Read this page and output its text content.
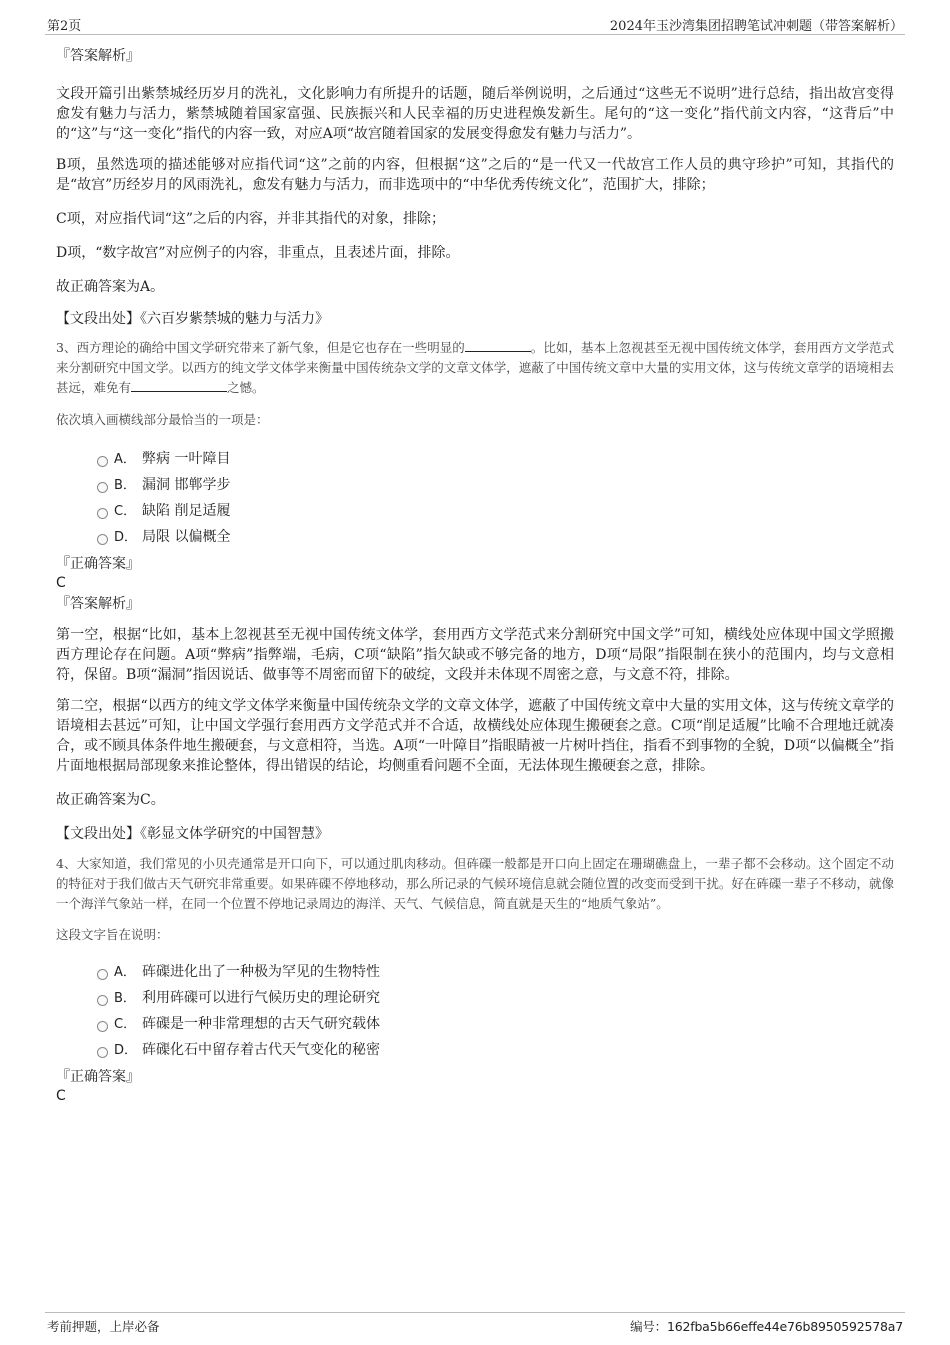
第2页	2024年玉沙湾集团招聘笔试冲刺题（带答案解析）

『答案解析』

文段开篇引出紫禁城经历岁月的洗礼，文化影响力有所提升的话题，随后举例说明，之后通过“这些无不说明”进行总结，指出故宫变得愈发有魅力与活力，紫禁城随着国家富强、民族振兴和人民幸福的历史进程焕发新生。尾句的“这一变化”指代前文内容，“这背后”中的“这”与“这一变化”指代的内容一致，对应A项“故宫随着国家的发展变得愈发有魅力与活力”。

B项，虽然选项的描述能够对应指代词“这”之前的内容，但根据“这”之后的“是一代又一代故宫工作人员的典守珍护”可知，其指代的是“故宫”历经岁月的风雨洗礼，愈发有魅力与活力，而非选项中的“中华优秀传统文化”，范围扩大，排除；

C项，对应指代词“这”之后的内容，并非其指代的对象，排除；

D项，“数字故宫”对应例子的内容，非重点，且表述片面，排除。

故正确答案为A。

【文段出处】《六百岁紫禁城的魅力与活力》

3、西方理论的确给中国文学研究带来了新气象，但是它也存在一些明显的	。比如，基本上忽视甚至无视中国传统文体学，套用西方文学范式来分割研究中国文学。以西方的纯文学文体学来衡量中国传统杂文学的文章文体学，遮蔽了中国传统文章中大量的实用文体，这与传统文章学的语境相去甚远，难免有	之憾。

依次填入画横线部分最恰当的一项是：

A． 弊病 一叶障目
B． 漏洞 邯郸学步
C． 缺陷 削足适履
D． 局限 以偏概全

『正确答案』

C

『答案解析』

第一空，根据“比如，基本上忽视甚至无视中国传统文体学，套用西方文学范式来分割研究中国文学”可知，横线处应体现中国文学照搬西方理论存在问题。A项“弊病”指弊端，毛病，C项“缺陷”指欠缺或不够完备的地方，D项“局限”指限制在狭小的范围内，均与文意相符，保留。B项“漏洞”指因说话、做事等不周密而留下的破绽，文段并未体现不周密之意，与文意不符，排除。

第二空，根据“以西方的纯文学文体学来衡量中国传统杂文学的文章文体学，遮蔽了中国传统文章中大量的实用文体，这与传统文章学的语境相去甚远”可知，让中国文学强行套用西方文学范式并不合适，故横线处应体现生搬硬套之意。C项“削足适履”比喻不合理地迁就凑合，或不顾具体条件地生搬硬套，与文意相符，当选。A项“一叶障目”指眼睛被一片树叶挡住，指看不到事物的全貌，D项“以偏概全”指片面地根据局部现象来推论整体，得出错误的结论，均侧重看问题不全面，无法体现生搬硬套之意，排除。

故正确答案为C。

【文段出处】《彰显文体学研究的中国智慧》

4、大家知道，我们常见的小贝壳通常是开口向下，可以通过肌肉移动。但砗磲一般都是开口向上固定在珊瑚礁盘上，一辈子都不会移动。这个固定不动的特征对于我们做古天气研究非常重要。如果砗磲不停地移动，那么所记录的气候环境信息就会随位置的改变而受到干扰。好在砗磲一辈子不移动，就像一个海洋气象站一样，在同一个位置不停地记录周边的海洋、天气、气候信息，简直就是天生的“地质气象站”。

这段文字旨在说明：

A． 砗磲进化出了一种极为罕见的生物特性
B． 利用砗磲可以进行气候历史的理论研究
C． 砗磲是一种非常理想的古天气研究载体
D． 砗磲化石中留存着古代天气变化的秘密

『正确答案』

C

考前押题，上岸必备	编号：162fba5b66effe44e76b8950592578a7
